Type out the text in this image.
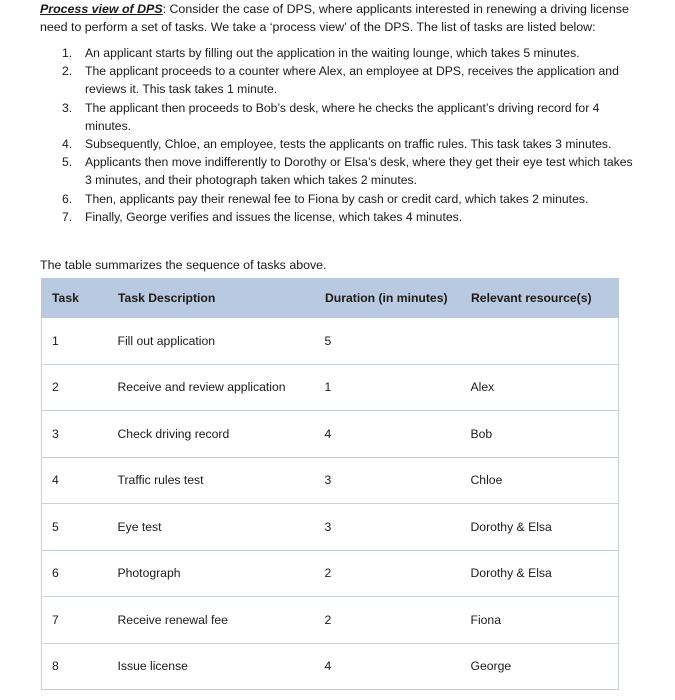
Process view of DPS: Consider the case of DPS, where applicants interested in renewing a driving license need to perform a set of tasks. We take a ‘process view’ of the DPS. The list of tasks are listed below:
1. An applicant starts by filling out the application in the waiting lounge, which takes 5 minutes.
2. The applicant proceeds to a counter where Alex, an employee at DPS, receives the application and reviews it. This task takes 1 minute.
3. The applicant then proceeds to Bob’s desk, where he checks the applicant’s driving record for 4 minutes.
4. Subsequently, Chloe, an employee, tests the applicants on traffic rules. This task takes 3 minutes.
5. Applicants then move indifferently to Dorothy or Elsa’s desk, where they get their eye test which takes 3 minutes, and their photograph taken which takes 2 minutes.
6. Then, applicants pay their renewal fee to Fiona by cash or credit card, which takes 2 minutes.
7. Finally, George verifies and issues the license, which takes 4 minutes.
The table summarizes the sequence of tasks above.
Task	Task Description	Duration (in minutes)	Relevant resource(s)
1	Fill out application	5	
2	Receive and review application	1	Alex
3	Check driving record	4	Bob
4	Traffic rules test	3	Chloe
5	Eye test	3	Dorothy & Elsa
6	Photograph	2	Dorothy & Elsa
7	Receive renewal fee	2	Fiona
8	Issue license	4	George
